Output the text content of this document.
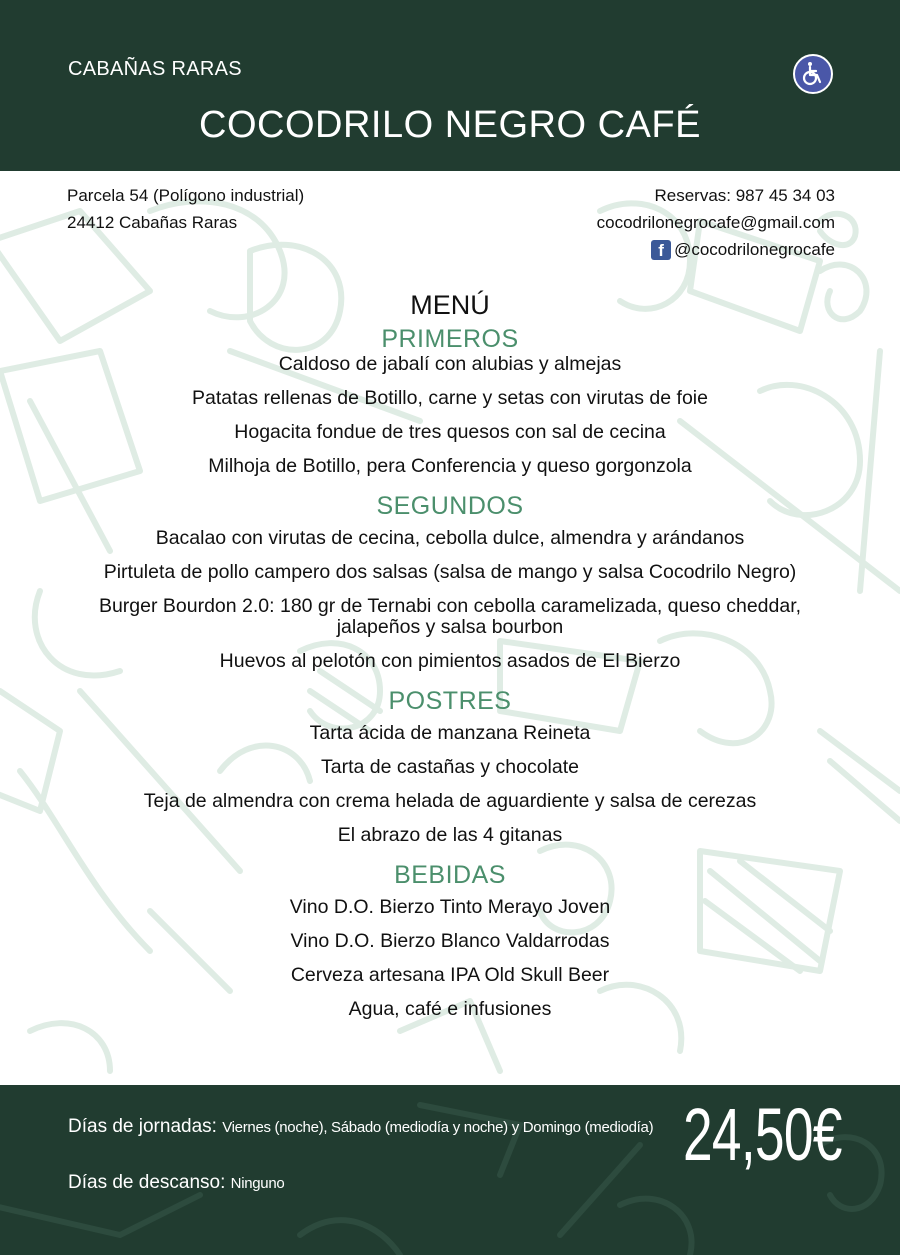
CABAÑAS RARAS
COCODRILO NEGRO CAFÉ
Parcela 54 (Polígono industrial)
24412 Cabañas Raras
Reservas: 987 45 34 03
cocodrilonegrocafe@gmail.com
f @cocodrilonegrocafe
MENÚ
PRIMEROS
Caldoso de jabalí con alubias y almejas
Patatas rellenas de Botillo, carne y setas con virutas de foie
Hogacita fondue de tres quesos con sal de cecina
Milhoja de Botillo, pera Conferencia y queso gorgonzola
SEGUNDOS
Bacalao con virutas de cecina, cebolla dulce, almendra y arándanos
Pirtuleta de pollo campero dos salsas (salsa de mango y salsa Cocodrilo Negro)
Burger Bourdon 2.0: 180 gr de Ternabi con cebolla caramelizada, queso cheddar, jalapeños y salsa bourbon
Huevos al pelotón con pimientos asados de El Bierzo
POSTRES
Tarta ácida de manzana Reineta
Tarta de castañas y chocolate
Teja de almendra con crema helada de aguardiente y salsa de cerezas
El abrazo de las 4 gitanas
BEBIDAS
Vino D.O. Bierzo Tinto Merayo Joven
Vino D.O. Bierzo Blanco Valdarrodas
Cerveza artesana IPA Old Skull Beer
Agua, café e infusiones
Días de jornadas: Viernes (noche), Sábado (mediodía y noche) y Domingo (mediodía)
Días de descanso: Ninguno
24,50€
